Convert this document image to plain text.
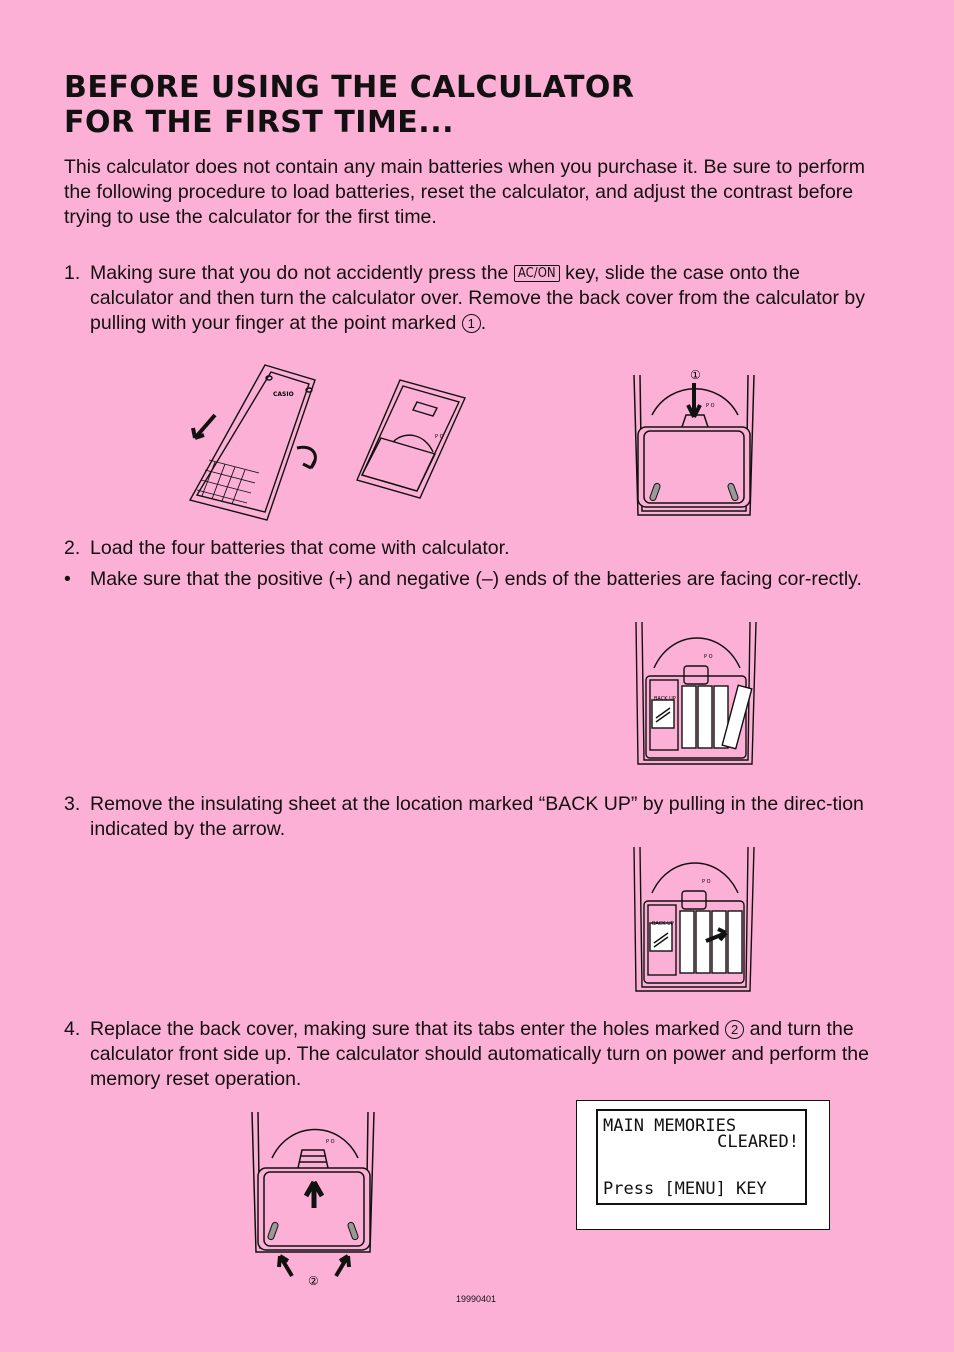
BEFORE USING THE CALCULATOR
FOR THE FIRST TIME...

This calculator does not contain any main batteries when you purchase it. Be sure to perform the following procedure to load batteries, reset the calculator, and adjust the contrast before trying to use the calculator for the first time.

1. Making sure that you do not accidently press the AC/ON key, slide the case onto the calculator and then turn the calculator over. Remove the back cover from the calculator by pulling with your finger at the point marked 1 .
CASIO
P O
①
P O
2. Load the four batteries that come with calculator.
• Make sure that the positive (+) and negative (–) ends of the batteries are facing cor-rectly.
BACK UP
P O
3. Remove the insulating sheet at the location marked “BACK UP” by pulling in the direc-tion indicated by the arrow.
BACK UP
P O
4. Replace the back cover, making sure that its tabs enter the holes marked 2 and turn the calculator front side up. The calculator should automatically turn on power and perform the memory reset operation.
②
P O
MAIN MEMORIES
CLEARED!
Press [MENU] KEY
19990401
